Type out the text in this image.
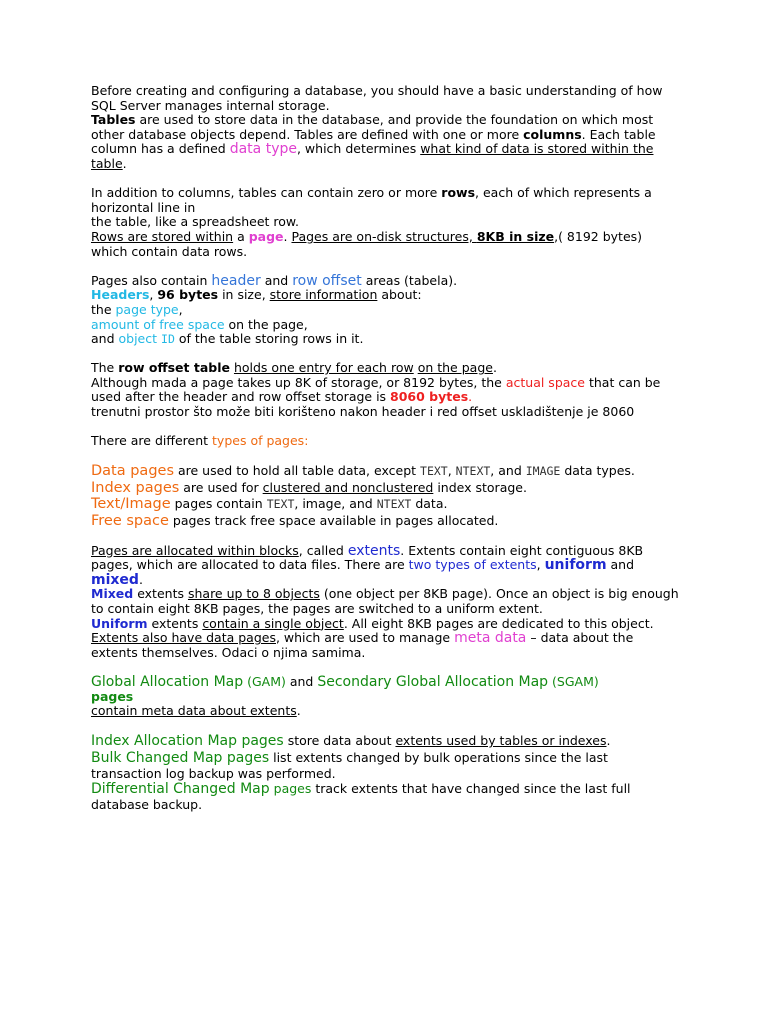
Before creating and configuring a database, you should have a basic understanding of how SQL Server manages internal storage.
Tables are used to store data in the database, and provide the foundation on which most other database objects depend. Tables are defined with one or more columns. Each table column has a defined data type, which determines what kind of data is stored within the table.

In addition to columns, tables can contain zero or more rows, each of which represents a horizontal line in
the table, like a spreadsheet row.
Rows are stored within a page. Pages are on-disk structures, 8KB in size,( 8192 bytes) which contain data rows.

Pages also contain header and row offset areas (tabela).
Headers, 96 bytes in size, store information about:
the page type,
amount of free space on the page,
and object ID of the table storing rows in it.

The row offset table holds one entry for each row on the page.
Although mada a page takes up 8K of storage, or 8192 bytes, the actual space that can be used after the header and row offset storage is 8060 bytes.
trenutni prostor što može biti korišteno nakon header i red offset uskladištenje je 8060

There are different types of pages:

Data pages are used to hold all table data, except TEXT, NTEXT, and IMAGE data types.
Index pages are used for clustered and nonclustered index storage.
Text/Image pages contain TEXT, image, and NTEXT data.
Free space pages track free space available in pages allocated.

Pages are allocated within blocks, called extents. Extents contain eight contiguous 8KB pages, which are allocated to data files. There are two types of extents, uniform and mixed.
Mixed extents share up to 8 objects (one object per 8KB page). Once an object is big enough to contain eight 8KB pages, the pages are switched to a uniform extent.
Uniform extents contain a single object. All eight 8KB pages are dedicated to this object.
Extents also have data pages, which are used to manage meta data – data about the extents themselves. Odaci o njima samima.

Global Allocation Map (GAM) and Secondary Global Allocation Map (SGAM)
pages
contain meta data about extents.

Index Allocation Map pages store data about extents used by tables or indexes.
Bulk Changed Map pages list extents changed by bulk operations since the last transaction log backup was performed.
Differential Changed Map pages track extents that have changed since the last full database backup.
